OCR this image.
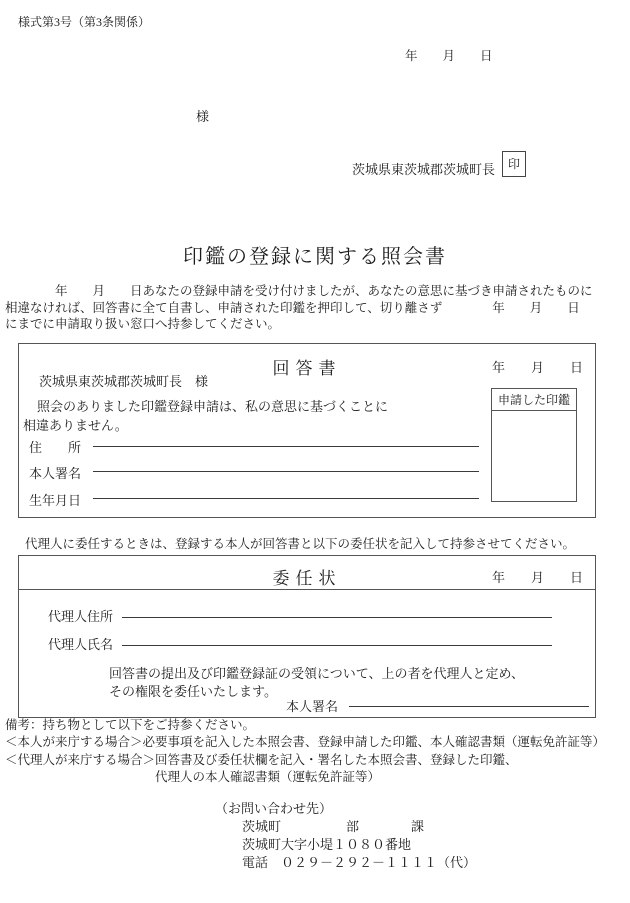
様式第3号（第3条関係）
年　　月　　日
様
茨城県東茨城郡茨城町長	印
印鑑の登録に関する照会書
　　　　年　　月　　日あなたの登録申請を受け付けましたが、あなたの意思に基づき申請されたものに
相違なければ、回答書に全て自書し、申請された印鑑を押印して、切り離さず　　　　年　　月　　日
にまでに申請取り扱い窓口へ持参してください。
回答書	年　　月　　日
茨城県東茨城郡茨城町長　様
照会のありました印鑑登録申請は、私の意思に基づくことに
相違ありません。
住　　所
本人署名
生年月日
申請した印鑑
代理人に委任するときは、登録する本人が回答書と以下の委任状を記入して持参させてください。
委任状	年　　月　　日
代理人住所
代理人氏名
回答書の提出及び印鑑登録証の受領について、上の者を代理人と定め、
その権限を委任いたします。
本人署名
備考：持ち物として以下をご持参ください。
＜本人が来庁する場合＞必要事項を記入した本照会書、登録申請した印鑑、本人確認書類（運転免許証等）
＜代理人が来庁する場合＞回答書及び委任状欄を記入・署名した本照会書、登録した印鑑、
　　　　　　　　　　　　代理人の本人確認書類（運転免許証等）
（お問い合わせ先）
茨城町　　　　　部　　　　課
茨城町大字小堤１０８０番地
電話　０２９－２９２－１１１１（代）
